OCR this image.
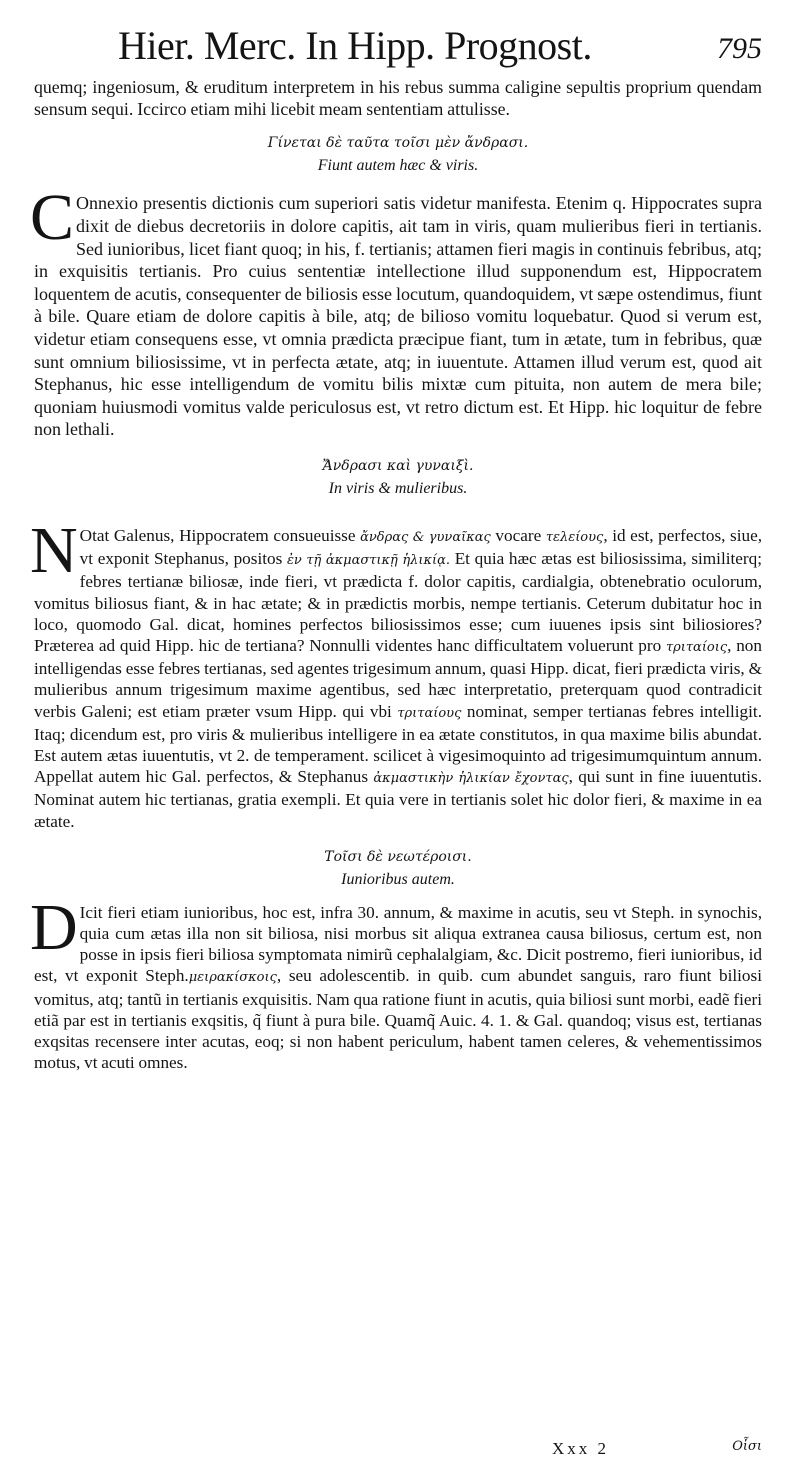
Hier. Merc. In Hipp. Prognost.	795

quemq; ingeniosum, & eruditum interpretem in his rebus summa caligine sepultis proprium quendam sensum sequi. Iccirco etiam mihi licebit meam sententiam attulisse.

Γίνεται δὲ ταῦτα τοῖσι μὲν ἄνδρασι.

Fiunt autem hæc & viris.

C Onnexio presentis dictionis cum superiori satis videtur manifesta. Etenim q. Hippocrates supra dixit de diebus decretoriis in dolore capitis, ait tam in viris, quam mulieribus fieri in tertianis. Sed iunioribus, licet fiant quoq; in his, f. tertianis; attamen fieri magis in continuis febribus, atq; in exquisitis tertianis. Pro cuius sententiæ intellectione illud supponendum est, Hippocratem loquentem de acutis, consequenter de biliosis esse locutum, quandoquidem, vt sæpe ostendimus, fiunt à bile. Quare etiam de dolore capitis à bile, atq; de bilioso vomitu loquebatur. Quod si verum est, videtur etiam consequens esse, vt omnia prædicta præcipue fiant, tum in ætate, tum in febribus, quæ sunt omnium biliosissime, vt in perfecta ætate, atq; in iuuentute. Attamen illud verum est, quod ait Stephanus, hic esse intelligendum de vomitu bilis mixtæ cum pituita, non autem de mera bile; quoniam huiusmodi vomitus valde periculosus est, vt retro dictum est. Et Hipp. hic loquitur de febre non lethali.

Ἄνδρασι καὶ γυναιξὶ.

In viris & mulieribus.

N Otat Galenus, Hippocratem consueuisse ἄνδρας & γυναῖκας vocare τελείους, id est, perfectos, siue, vt exponit Stephanus, positos ἐν τῇ ἀκμαστικῇ ἡλικίᾳ. Et quia hæc ætas est biliosissima, similiterq; febres tertianæ biliosæ, inde fieri, vt prædicta f. dolor capitis, cardialgia, obtenebratio oculorum, vomitus biliosus fiant, & in hac ætate; & in prædictis morbis, nempe tertianis. Ceterum dubitatur hoc in loco, quomodo Gal. dicat, homines perfectos biliosissimos esse; cum iuuenes ipsis sint biliosiores? Præterea ad quid Hipp. hic de tertiana? Nonnulli videntes hanc difficultatem voluerunt pro τριταίοις, non intelligendas esse febres tertianas, sed agentes trigesimum annum, quasi Hipp. dicat, fieri prædicta viris, & mulieribus annum trigesimum maxime agentibus, sed hæc interpretatio, preterquam quod contradicit verbis Galeni; est etiam præter vsum Hipp. qui vbi τριταίους nominat, semper tertianas febres intelligit. Itaq; dicendum est, pro viris & mulieribus intelligere in ea ætate constitutos, in qua maxime bilis abundat. Est autem ætas iuuentutis, vt 2. de temperament. scilicet à vigesimoquinto ad trigesimumquintum annum. Appellat autem hic Gal. perfectos, & Stephanus ἀκμαστικὴν ἡλικίαν ἔχοντας, qui sunt in fine iuuentutis. Nominat autem hic tertianas, gratia exempli. Et quia vere in tertianis solet hic dolor fieri, & maxime in ea ætate.

Τοῖσι δὲ νεωτέροισι.

Iunioribus autem.

D Icit fieri etiam iunioribus, hoc est, infra 30. annum, & maxime in acutis, seu vt Steph. in synochis, quia cum ætas illa non sit biliosa, nisi morbus sit aliqua extranea causa biliosus, certum est, non posse in ipsis fieri biliosa symptomata nimirũ cephalalgiam, &c. Dicit postremo, fieri iunioribus, id est, vt exponit Steph.μειρακίσκοις, seu adolescentib. in quib. cum abundet sanguis, raro fiunt biliosi vomitus, atq; tantũ in tertianis exquisitis. Nam qua ratione fiunt in acutis, quia biliosi sunt morbi, eadẽ fieri etiã par est in tertianis exqsitis, q̃ fiunt à pura bile. Quamq̃ Auic. 4. 1. & Gal. quandoq; visus est, tertianas exqsitas recensere inter acutas, eoq; si non habent periculum, habent tamen celeres, & vehementissimos motus, vt acuti omnes.

Xxx 2	Οἷσι
